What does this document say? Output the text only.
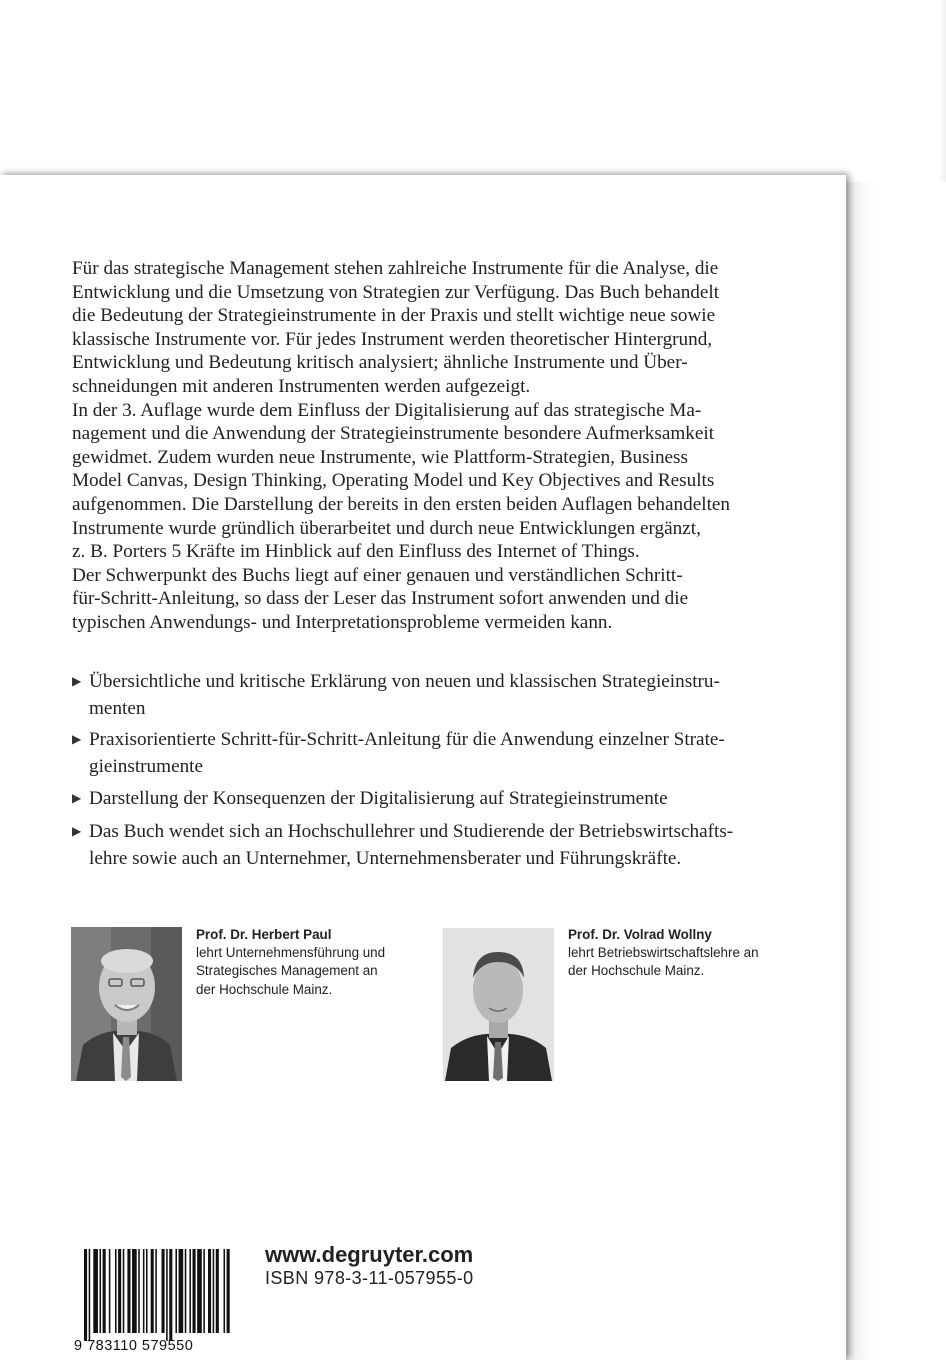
Für das strategische Management stehen zahlreiche Instrumente für die Analyse, die

Entwicklung und die Umsetzung von Strategien zur Verfügung. Das Buch behandelt

die Bedeutung der Strategieinstrumente in der Praxis und stellt wichtige neue sowie

klassische Instrumente vor. Für jedes Instrument werden theoretischer Hintergrund,

Entwicklung und Bedeutung kritisch analysiert; ähnliche Instrumente und Über-

schneidungen mit anderen Instrumenten werden aufgezeigt.

In der 3. Auflage wurde dem Einfluss der Digitalisierung auf das strategische Ma-

nagement und die Anwendung der Strategieinstrumente besondere Aufmerksamkeit

gewidmet. Zudem wurden neue Instrumente, wie Plattform-Strategien, Business

Model Canvas, Design Thinking, Operating Model und Key Objectives and Results

aufgenommen. Die Darstellung der bereits in den ersten beiden Auflagen behandelten

Instrumente wurde gründlich überarbeitet und durch neue Entwicklungen ergänzt,

z. B. Porters 5 Kräfte im Hinblick auf den Einfluss des Internet of Things.

Der Schwerpunkt des Buchs liegt auf einer genauen und verständlichen Schritt-

für-Schritt-Anleitung, so dass der Leser das Instrument sofort anwenden und die

typischen Anwendungs- und Interpretationsprobleme vermeiden kann.

▶ Übersichtliche und kritische Erklärung von neuen und klassischen Strategieinstru-
menten
▶ Praxisorientierte Schritt-für-Schritt-Anleitung für die Anwendung einzelner Strate-
gieinstrumente
▶ Darstellung der Konsequenzen der Digitalisierung auf Strategieinstrumente
▶ Das Buch wendet sich an Hochschullehrer und Studierende der Betriebswirtschafts-
lehre sowie auch an Unternehmer, Unternehmensberater und Führungskräfte.
Prof. Dr. Herbert Paul
lehrt Unternehmensführung und
Strategisches Management an
der Hochschule Mainz.
Prof. Dr. Volrad Wollny
lehrt Betriebswirtschaftslehre an
der Hochschule Mainz.
9 783110 579550
www.degruyter.com
ISBN 978-3-11-057955-0
